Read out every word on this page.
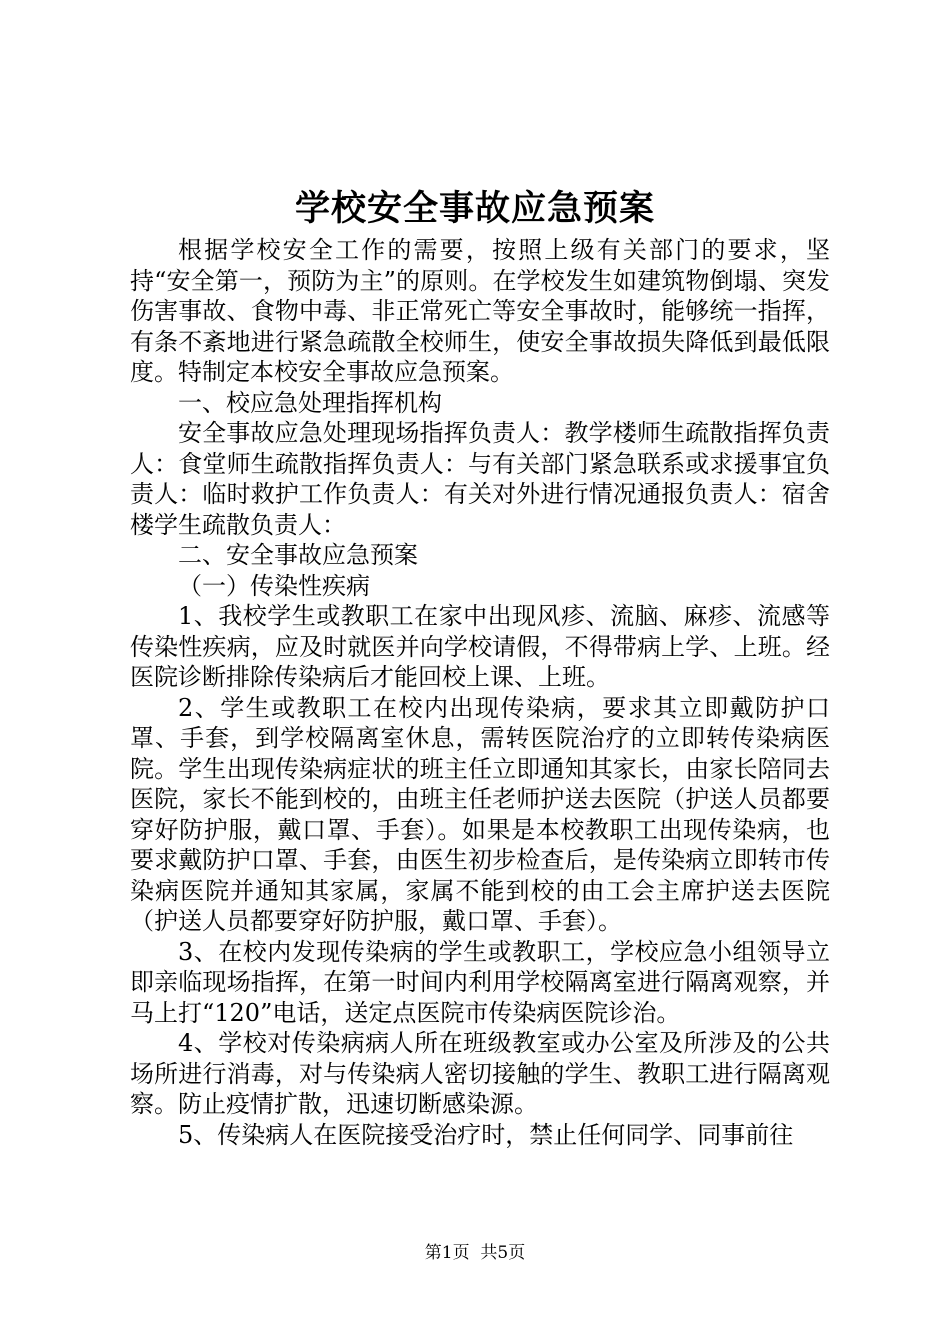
学校安全事故应急预案

根据学校安全工作的需要，按照上级有关部门的要求，坚持“安全第一，预防为主”的原则。在学校发生如建筑物倒塌、突发伤害事故、食物中毒、非正常死亡等安全事故时，能够统一指挥，有条不紊地进行紧急疏散全校师生，使安全事故损失降低到最低限度。特制定本校安全事故应急预案。

一、校应急处理指挥机构

安全事故应急处理现场指挥负责人：教学楼师生疏散指挥负责人：食堂师生疏散指挥负责人：与有关部门紧急联系或求援事宜负责人：临时救护工作负责人：有关对外进行情况通报负责人：宿舍楼学生疏散负责人：

二、安全事故应急预案

（一）传染性疾病

1、我校学生或教职工在家中出现风疹、流脑、麻疹、流感等传染性疾病，应及时就医并向学校请假，不得带病上学、上班。经医院诊断排除传染病后才能回校上课、上班。

2、学生或教职工在校内出现传染病，要求其立即戴防护口罩、手套，到学校隔离室休息，需转医院治疗的立即转传染病医院。学生出现传染病症状的班主任立即通知其家长，由家长陪同去医院，家长不能到校的，由班主任老师护送去医院（护送人员都要穿好防护服，戴口罩、手套）。如果是本校教职工出现传染病，也要求戴防护口罩、手套，由医生初步检查后，是传染病立即转市传染病医院并通知其家属，家属不能到校的由工会主席护送去医院（护送人员都要穿好防护服，戴口罩、手套）。

3、在校内发现传染病的学生或教职工，学校应急小组领导立即亲临现场指挥，在第一时间内利用学校隔离室进行隔离观察，并马上打“120”电话，送定点医院市传染病医院诊治。

4、学校对传染病病人所在班级教室或办公室及所涉及的公共场所进行消毒，对与传染病人密切接触的学生、教职工进行隔离观察。防止疫情扩散，迅速切断感染源。

5、传染病人在医院接受治疗时，禁止任何同学、同事前往

第1页  共5页
